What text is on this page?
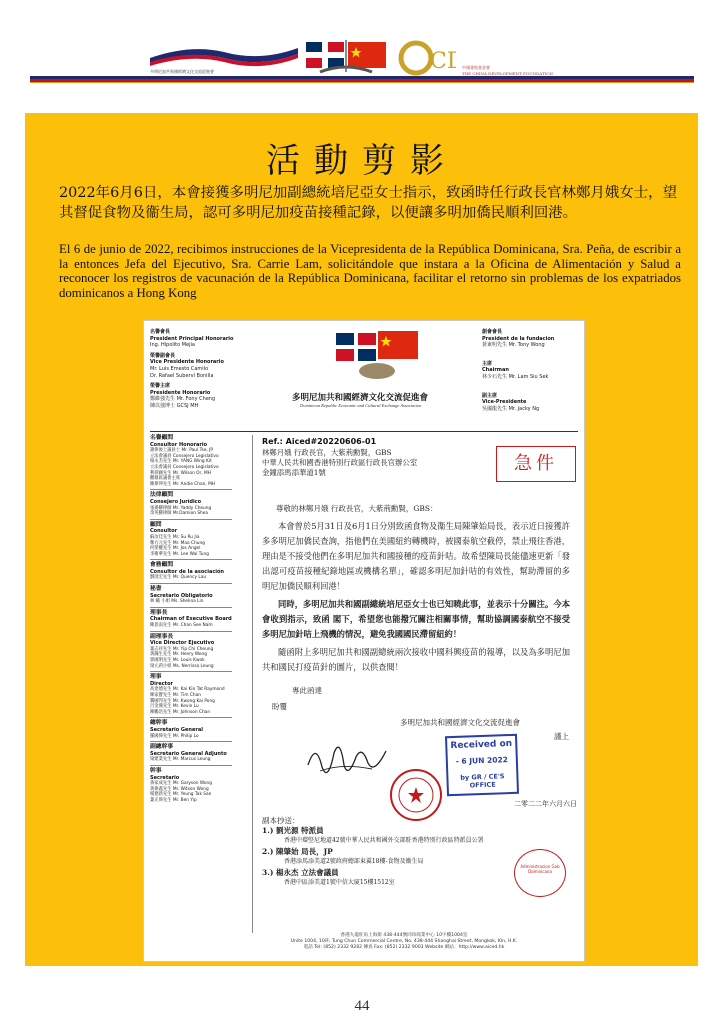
多明尼加共和國經濟文化交流促進會	CD
中國發展基金會
THE CHINA DEVELOPMENT FOUNDATION
活動剪影
2022年6月6日，本會接獲多明尼加副總統培尼亞女士指示，致函時任行政長官林鄭月娥女士，望其督促食物及衞生局，認可多明尼加疫苗接種記錄，以便讓多明加僑民順利回港。
El 6 de junio de 2022, recibimos instrucciones de la Vicepresidenta de la República Dominicana, Sra. Peña, de escribir a la entonces Jefa del Ejecutivo, Sra. Carrie Lam, solicitándole que instara a la Oficina de Alimentación y Salud a reconocer los registros de vacunación de la República Dominicana, facilitar el retorno sin problemas de los expatriados dominicanos a Hong Kong
名譽會長
President Principal Honorario
Ing. Hipolito Mejia
榮譽副會長
Vice Presidente Honorario
Mr. Luis Emesto Camilo
Dr. Rafael Suberví Bonilla
榮譽主席
Presidente Honorario
鄭維強先生 Mr. Fony Cheng
陳以強博士 GCSJ MH
創會會長
President de la fundacion
黃東明先生 Mr. Tony Wong
主席
Chairman
林少石先生 Mr. Lam Siu Sek
副主席
Vice-Presidente
吳國龍先生 Mr. Jacky Ng
多明尼加共和國經濟文化交流促進會
Dominican Republic Economic and Cultural Exchange Association
名譽顧問
Consultor Honorario
謝偉俊上議員士 Mr. Paul Tse, JP
立法會議員 Consejero Legislativo
楊永杰先生 Mr. YANG Wing Kit
立法會議員 Consejero Legislativo
利劍國先生 Mr. Wilson Or, MH
觀塘區議會主席
陳偉坤先生 Mr. Andie Chan, MH
法律顧問
Consejero Jurídico
張揚耀律師 Mr. Yaddy Cheung
余英騰律師 Mr.Damion Shea
顧問
Consultor
蘇汝佳先生 Mr. Su Ru Jia
鄭方元先生 Mr. Mao Chung
何榮權先生 Mr. Jos Angel
李衛華先生 Mr. Lee Wai Tung
會務顧問
Consultor de la asociación
劉澄宏先生 Mr. Quency Lau
秘書
Secretario Obligatorio
林 曦 小姐 Ms. Shelina Lin
理事長
Chairman of Executive Board
陳思南先生 Mr. Chan See Nam
副理事長
Vice Director Ejecutivo
葉志祥先生 Mr. Yip Chi Cheung
黃瀚生先生 Mr. Henry Wong
郭國明先生 Mr. Louis Kwok
梁元莉小姐 Ms. Nerrissa Leung
理事
Director
高達德先生 Mr. Kai Kin Tat Raymond
陳家寶先生 Mr. Tim Chan
龔國邦先生 Mr. Kwong Kai Pong
呂金漢先生 Mr. Kevin Lu
陳鵬浩先生 Mr. Johnson Chan
總幹事
Secretario General
羅國偉先生 Mr. Philip Lo
副總幹事
Secretario General Adjunto
梁建業先生 Mr. Marcus Leung
幹事
Secretario
黃家成先生 Mr. Garyson Wong
黃偉鑫先生 Mr. Witson Wong
楊德新先生 Mr. Yeung Tak San
葉正偉先生 Mr. Ben Yip
Ref.: Aiced#20220606-01
林鄭月娥 行政長官，大紫荊勳賢，GBS
中華人民共和國香港特別行政區行政長官辦公室
金鐘添馬添華道1號	急件
尊敬的林鄭月娥 行政長官，大紫荊勳賢，GBS：
本會曾於5月31日及6月1日分別致函食物及衞生局陳肇始局長，表示近日接獲許多多明尼加僑民查詢，指他們在美國紐約轉機時，被國泰航空截停，禁止飛往香港，理由是不接受他們在多明尼加共和國接種的疫苗針咭。故希望陳局長能儘速更新「發出認可疫苗接種紀錄地區或機構名單」，確認多明尼加針咭的有效性，幫助滯留的多明尼加僑民順利回港！
同時，多明尼加共和國副總統培尼亞女士也已知曉此事，並表示十分關注。今本會收到指示，致函 閣下，希望您也能撥冗關注相關事情，幫助協調國泰航空不接受多明尼加針咭上飛機的情況，避免我國國民滯留紐約！
隨函附上多明尼加共和國副總統兩次接收中國科興疫苗的報導，以及為多明尼加共和國民打疫苗針的圖片，以供查閱！
專此函達
盼覆
多明尼加共和國經濟文化交流促進會
謹上
Received on
- 6 JUN 2022
by GR / CE'S OFFICE
二零二二年六月六日
副本抄送：
1.) 劉光源 特派員
香港中環堅尼地道42號中華人民共和國外交部駐香港特別行政區特派員公署
2.) 陳肇始 局長，JP
香港添馬添美道2號政府總部東翼18樓-食物及衞生局
3.) 楊永杰 立法會議員
香港中區添美道1號中信大廈15樓1512室
Administracion Gob
Dominicana
香港九龍旺角上海街 438-444號同珍商業中心 10字樓1004室
Unite 1004, 10/F, Tung Chun Commercial Centre, No. 438-444 Shanghai Street, Mongkok, Kln, H.K.
電話 Tel: (852) 2332 9282 傳真 Fax: (852) 2332 9003 Website 網站：http://www.aiced.hk
44
